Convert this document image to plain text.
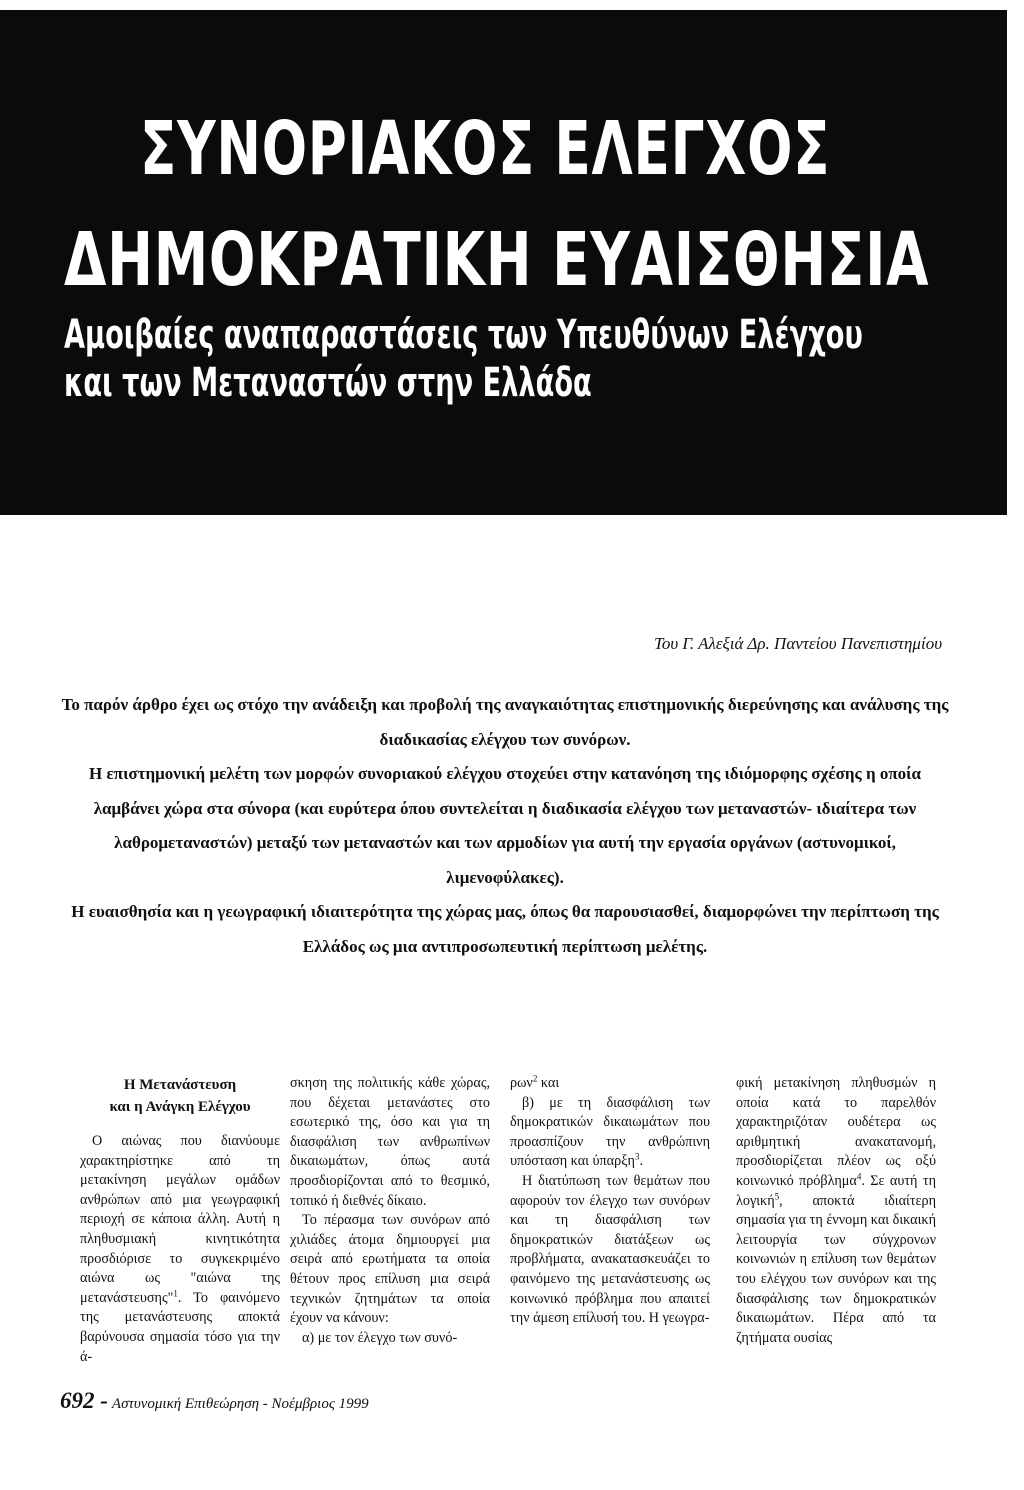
ΣΥΝΟΡΙΑΚΟΣ ΕΛΕΓΧΟΣ
ΔΗΜΟΚΡΑΤΙΚΗ ΕΥΑΙΣΘΗΣΙΑ
Αμοιβαίες αναπαραστάσεις των Υπευθύνων Ελέγχου
και των Μεταναστών στην Ελλάδα
Του Γ. Αλεξιά Δρ. Παντείου Πανεπιστημίου

Το παρόν άρθρο έχει ως στόχο την ανάδειξη και προβολή της αναγκαιότητας επιστημονικής διερεύνησης και ανάλυσης της διαδικασίας ελέγχου των συνόρων.

Η επιστημονική μελέτη των μορφών συνοριακού ελέγχου στοχεύει στην κατανόηση της ιδιόμορφης σχέσης η οποία λαμβάνει χώρα στα σύνορα (και ευρύτερα όπου συντελείται η διαδικασία ελέγχου των μεταναστών- ιδιαίτερα των λαθρομεταναστών) μεταξύ των μεταναστών και των αρμοδίων για αυτή την εργασία οργάνων (αστυνομικοί, λιμενοφύλακες).

Η ευαισθησία και η γεωγραφική ιδιαιτερότητα της χώρας μας, όπως θα παρουσιασθεί, διαμορφώνει την περίπτωση της Ελλάδος ως μια αντιπροσωπευτική περίπτωση μελέτης.

Η Μετανάστευση
και η Ανάγκη Ελέγχου

Ο αιώνας που διανύουμε χαρακτηρίστηκε από τη μετακίνηση μεγάλων ομάδων ανθρώπων από μια γεωγραφική περιοχή σε κάποια άλλη. Αυτή η πληθυσμιακή κινητικότητα προσδιόρισε το συγκεκριμένο αιώνα ως "αιώνα της μετανάστευσης"$^1$. Το φαινόμενο της μετανάστευσης αποκτά βαρύνουσα σημασία τόσο για την ά-

σκηση της πολιτικής κάθε χώρας, που δέχεται μετανάστες στο εσωτερικό της, όσο και για τη διασφάλιση των ανθρωπίνων δικαιωμάτων, όπως αυτά προσδιορίζονται από το θεσμικό, τοπικό ή διεθνές δίκαιο.

Το πέρασμα των συνόρων από χιλιάδες άτομα δημιουργεί μια σειρά από ερωτήματα τα οποία θέτουν προς επίλυση μια σειρά τεχνικών ζητημάτων τα οποία έχουν να κάνουν:

α) με τον έλεγχο των συνό-

ρων$^2$ και

β) με τη διασφάλιση των δημοκρατικών δικαιωμάτων που προασπίζουν την ανθρώπινη υπόσταση και ύπαρξη$^3$.

Η διατύπωση των θεμάτων που αφορούν τον έλεγχο των συνόρων και τη διασφάλιση των δημοκρατικών διατάξεων ως προβλήματα, ανακατασκευάζει το φαινόμενο της μετανάστευσης ως κοινωνικό πρόβλημα που απαιτεί την άμεση επίλυσή του. Η γεωγρα-

φική μετακίνηση πληθυσμών η οποία κατά το παρελθόν χαρακτηριζόταν ουδέτερα ως αριθμητική ανακατανομή, προσδιορίζεται πλέον ως οξύ κοινωνικό πρόβλημα$^4$. Σε αυτή τη λογική$^5$, αποκτά ιδιαίτερη σημασία για τη έννομη και δικαική λειτουργία των σύγχρονων κοινωνιών η επίλυση των θεμάτων του ελέγχου των συνόρων και της διασφάλισης των δημοκρατικών δικαιωμάτων. Πέρα από τα ζητήματα ουσίας

692 - Αστυνομική Επιθεώρηση - Νοέμβριος 1999
